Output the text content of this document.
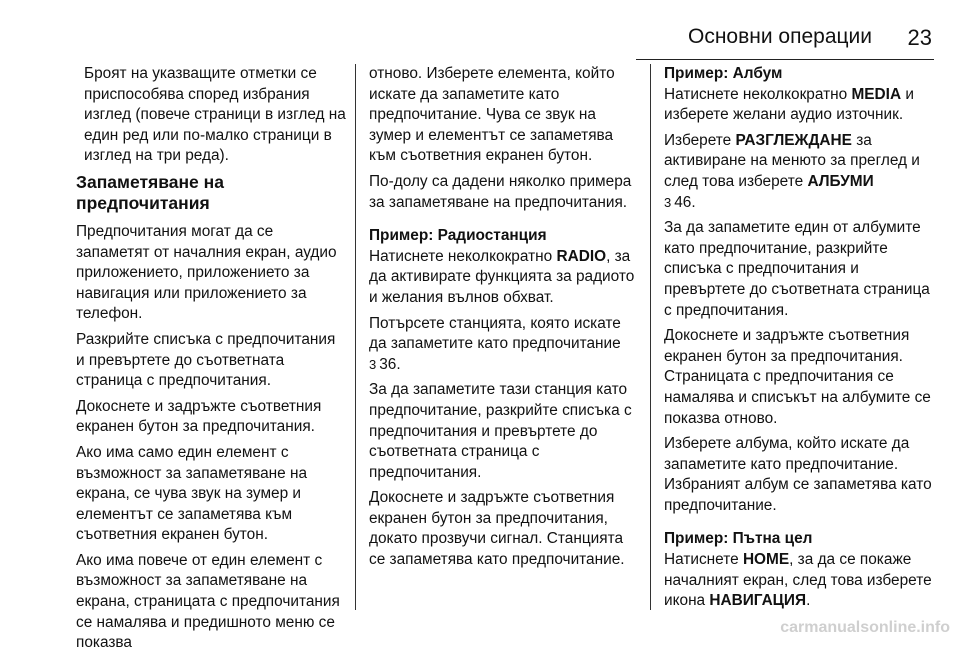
Основни операции	23

Броят на указващите отметки се приспособява според избрания изглед (повече страници в изглед на един ред или по-малко страници в изглед на три реда).

Запаметяване на
предпочитания

Предпочитания могат да се запаметят от началния екран, аудио приложението, приложението за навигация или приложението за телефон.

Разкрийте списъка с предпочитания и превъртете до съответната страница с предпочитания.

Докоснете и задръжте съответния екранен бутон за предпочитания.

Ако има само един елемент с възможност за запаметяване на екрана, се чува звук на зумер и елементът се запаметява към съответния екранен бутон.

Ако има повече от един елемент с възможност за запаметяване на екрана, страницата с предпочитания се намалява и предишното меню се показва

отново. Изберете елемента, който искате да запаметите като предпочитание. Чува се звук на зумер и елементът се запаметява към съответния екранен бутон.

По-долу са дадени няколко примера за запаметяване на предпочитания.

Пример: Радиостанция

Натиснете неколкократно RADIO, за да активирате функцията за радиото и желания вълнов обхват.

Потърсете станцията, която искате да запаметите като предпочитание
3 36.

За да запаметите тази станция като предпочитание, разкрийте списъка с предпочитания и превъртете до съответната страница с предпочитания.

Докоснете и задръжте съответния екранен бутон за предпочитания, докато прозвучи сигнал. Станцията се запаметява като предпочитание.

Пример: Албум

Натиснете неколкократно MEDIA и изберете желани аудио източник.

Изберете РАЗГЛЕЖДАНЕ за активиране на менюто за преглед и след това изберете АЛБУМИ
3 46.

За да запаметите един от албумите като предпочитание, разкрийте списъка с предпочитания и превъртете до съответната страница с предпочитания.

Докоснете и задръжте съответния екранен бутон за предпочитания. Страницата с предпочитания се намалява и списъкът на албумите се показва отново.

Изберете албума, който искате да запаметите като предпочитание. Избраният албум се запаметява като предпочитание.

Пример: Пътна цел

Натиснете HOME, за да се покаже началният екран, след това изберете икона НАВИГАЦИЯ.

carmanualsonline.info
